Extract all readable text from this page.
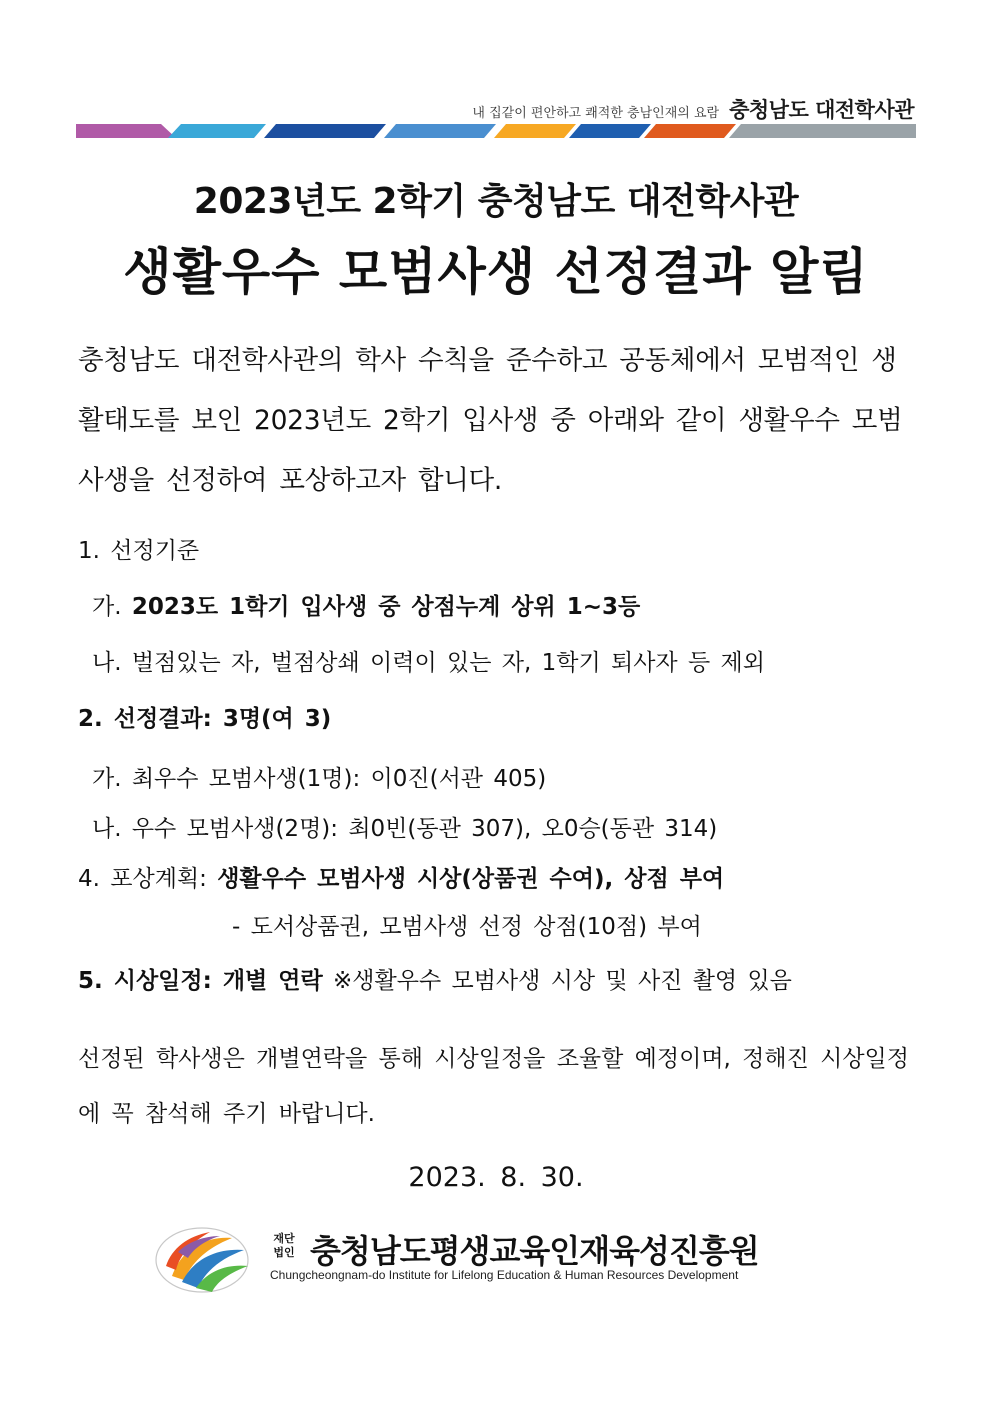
내 집같이 편안하고 쾌적한 충남인재의 요람 충청남도 대전학사관
2023년도 2학기 충청남도 대전학사관
생활우수 모범사생 선정결과 알림
충청남도 대전학사관의 학사 수칙을 준수하고 공동체에서 모범적인 생활태도를 보인 2023년도 2학기 입사생 중 아래와 같이 생활우수 모범사생을 선정하여 포상하고자 합니다.
1. 선정기준
가. 2023도 1학기 입사생 중 상점누계 상위 1~3등
나. 벌점있는 자, 벌점상쇄 이력이 있는 자, 1학기 퇴사자 등 제외
2. 선정결과: 3명(여 3)
가. 최우수 모범사생(1명): 이0진(서관 405)
나. 우수 모범사생(2명): 최0빈(동관 307), 오0승(동관 314)
4. 포상계획: 생활우수 모범사생 시상(상품권 수여), 상점 부여
- 도서상품권, 모범사생 선정 상점(10점) 부여
5. 시상일정: 개별 연락 ※생활우수 모범사생 시상 및 사진 촬영 있음
선정된 학사생은 개별연락을 통해 시상일정을 조율할 예정이며, 정해진 시상일정에 꼭 참석해 주기 바랍니다.
2023. 8. 30.
재단
법인 충청남도평생교육인재육성진흥원
Chungcheongnam-do Institute for Lifelong Education & Human Resources Development
